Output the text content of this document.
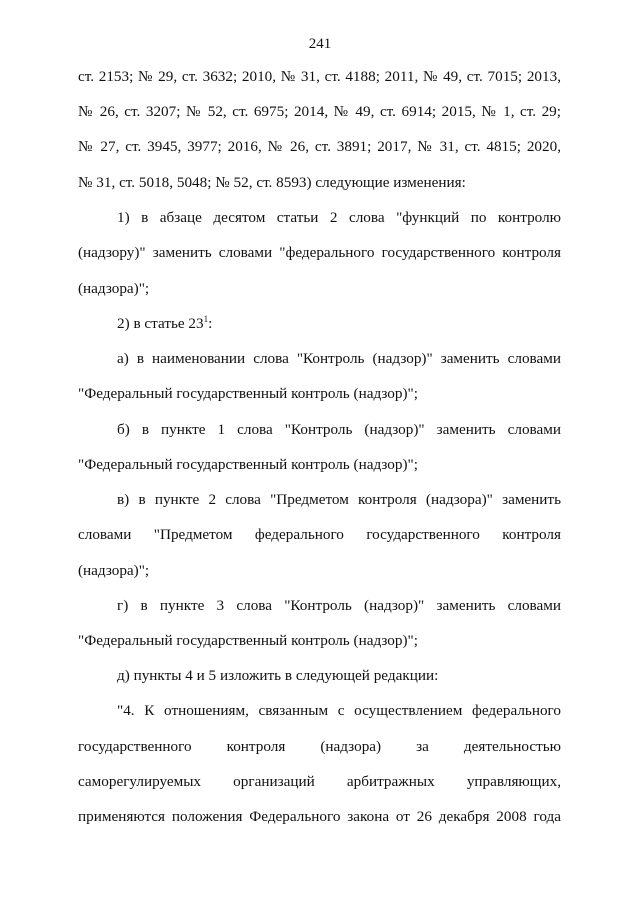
241
ст. 2153; № 29, ст. 3632; 2010, № 31, ст. 4188; 2011, № 49, ст. 7015; 2013,
№ 26, ст. 3207; № 52, ст. 6975; 2014, № 49, ст. 6914; 2015, № 1, ст. 29;
№ 27, ст. 3945, 3977; 2016, № 26, ст. 3891; 2017, № 31, ст. 4815; 2020,
№ 31, ст. 5018, 5048; № 52, ст. 8593) следующие изменения:
1) в абзаце десятом статьи 2 слова "функций по контролю
(надзору)" заменить словами "федерального государственного контроля
(надзора)";
2) в статье $23^1$:
а) в наименовании слова "Контроль (надзор)" заменить словами
"Федеральный государственный контроль (надзор)";
б) в пункте 1 слова "Контроль (надзор)" заменить словами
"Федеральный государственный контроль (надзор)";
в) в пункте 2 слова "Предметом контроля (надзора)" заменить
словами "Предметом федерального государственного контроля
(надзора)";
г) в пункте 3 слова "Контроль (надзор)" заменить словами
"Федеральный государственный контроль (надзор)";
д) пункты 4 и 5 изложить в следующей редакции:
"4. К отношениям, связанным с осуществлением федерального
государственного контроля (надзора) за деятельностью
саморегулируемых организаций арбитражных управляющих,
применяются положения Федерального закона от 26 декабря 2008 года
